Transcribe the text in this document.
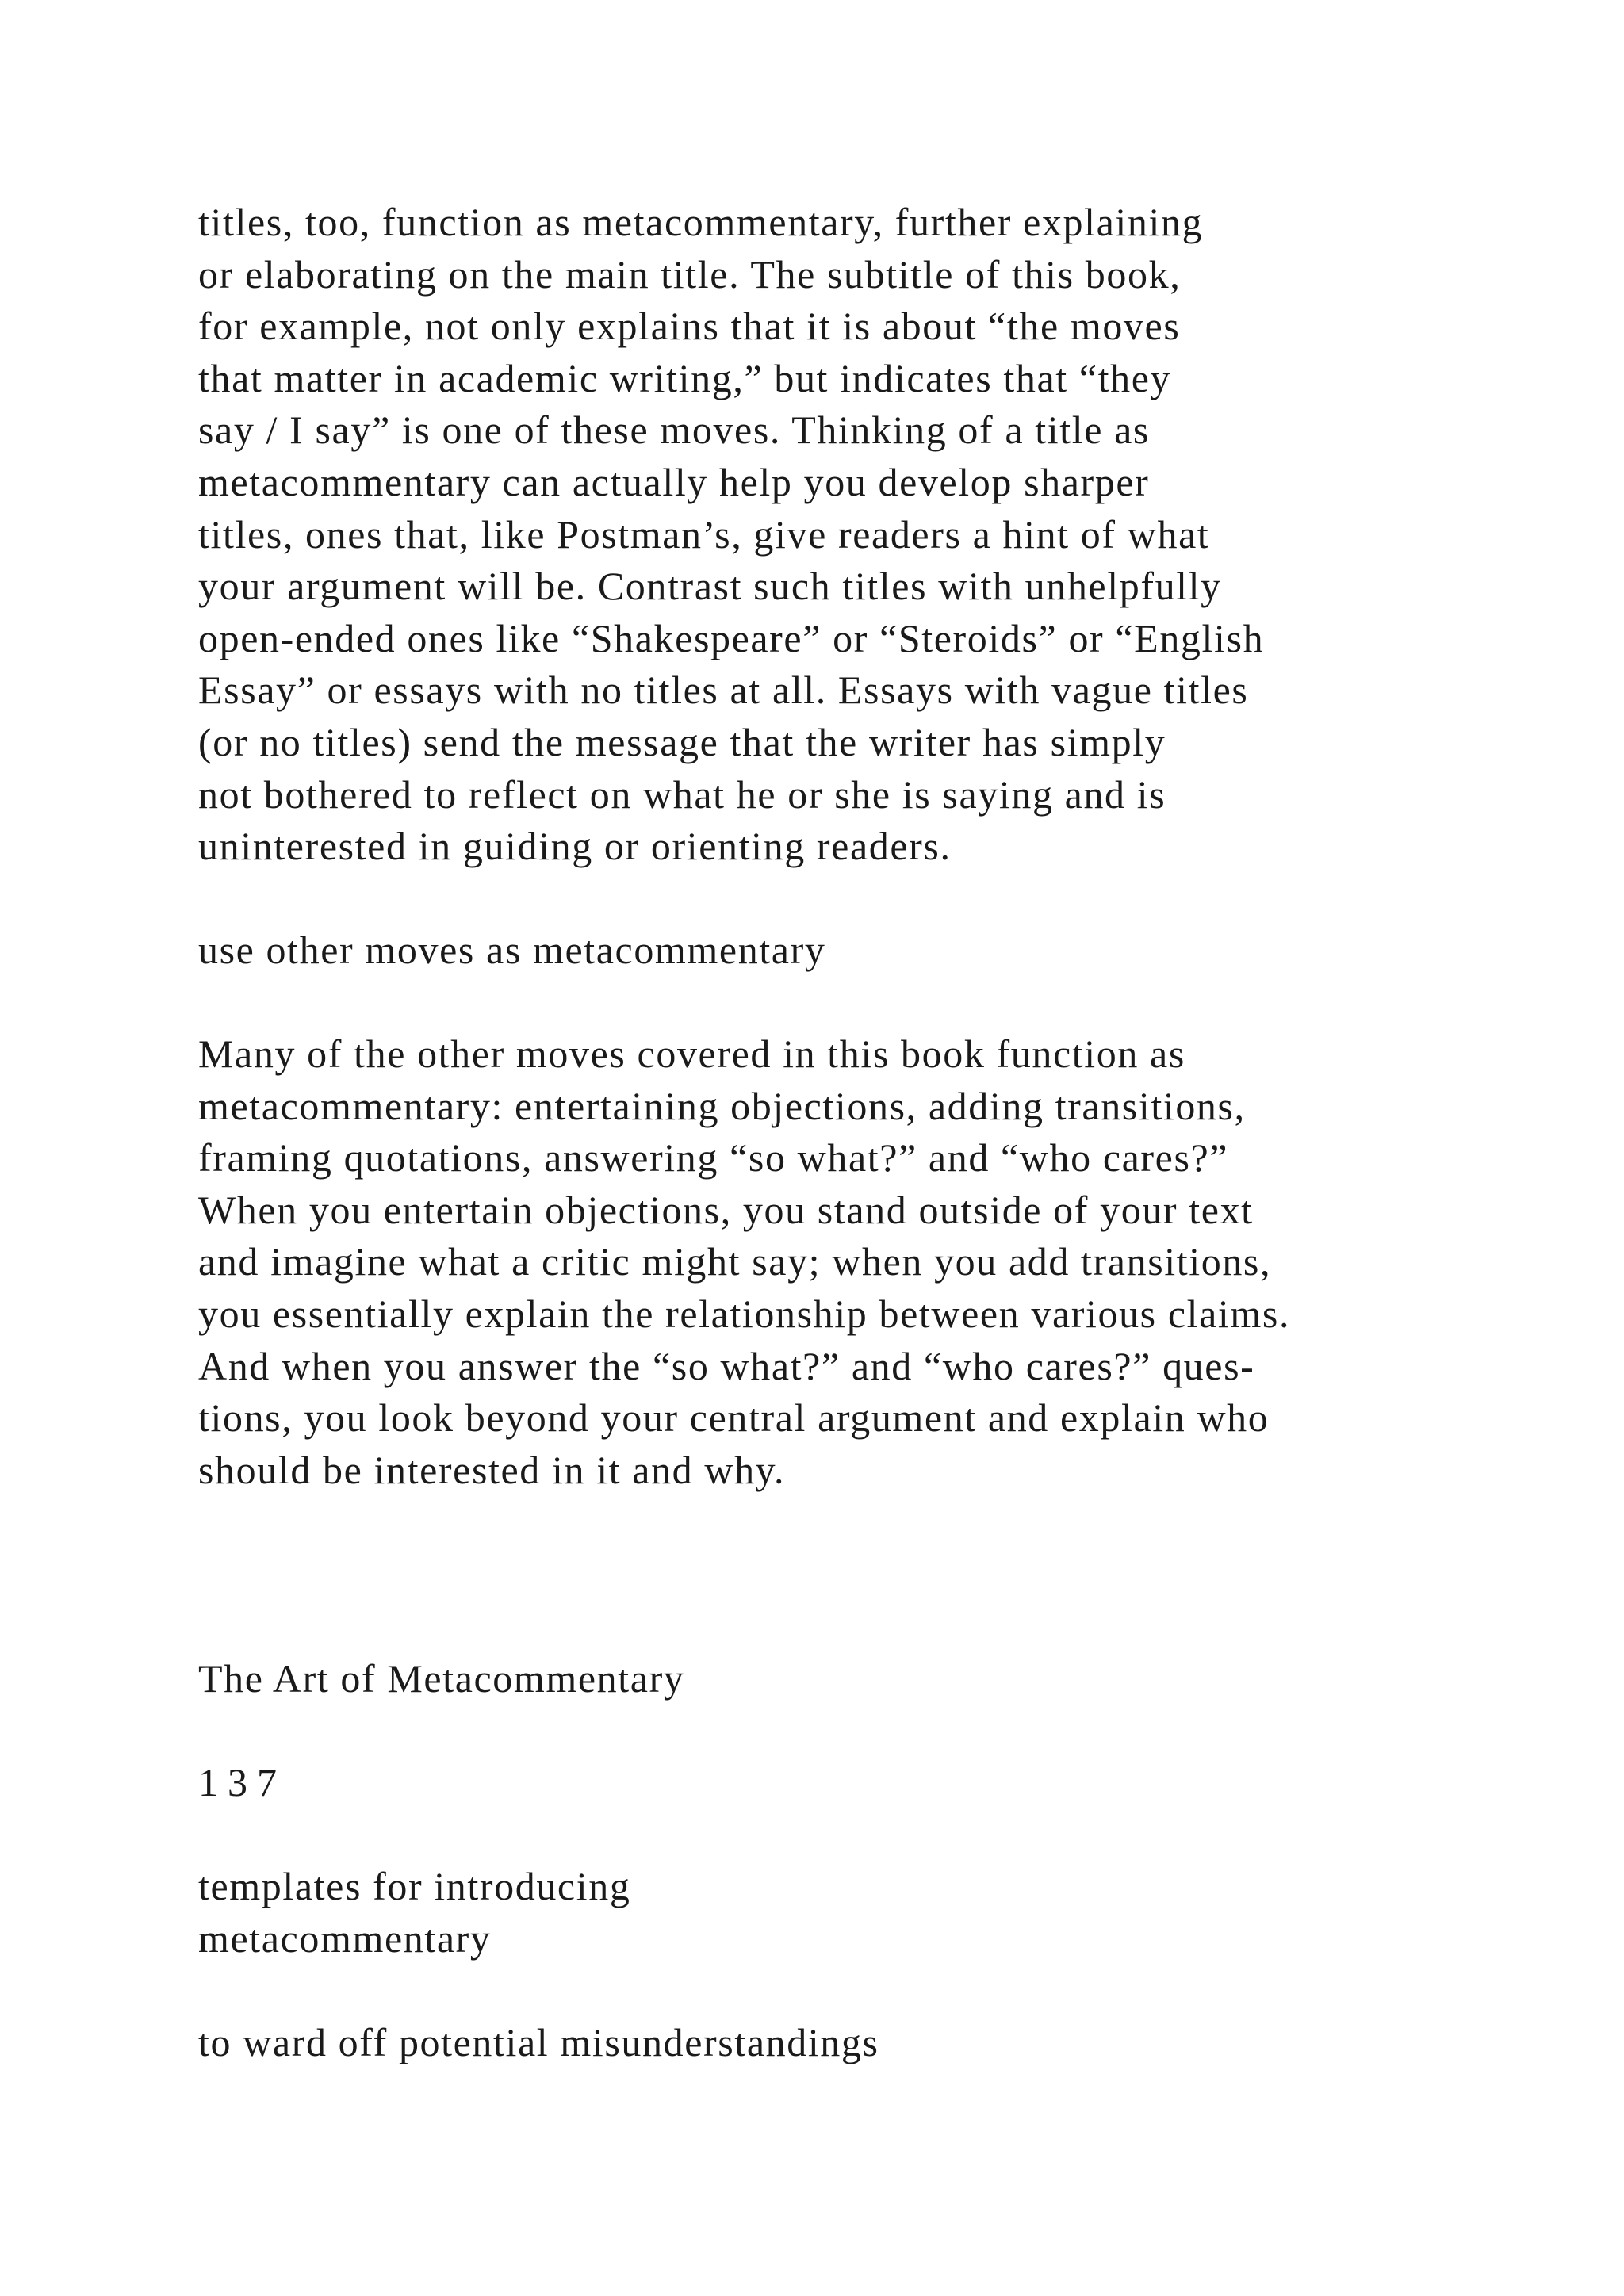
titles, too, function as metacommentary, further explaining
or elaborating on the main title. The subtitle of this book,
for example, not only explains that it is about “the moves
that matter in academic writing,” but indicates that “they
say / I say” is one of these moves. Thinking of a title as
metacommentary can actually help you develop sharper
titles, ones that, like Postman’s, give readers a hint of what
your argument will be. Contrast such titles with unhelpfully
open-ended ones like “Shakespeare” or “Steroids” or “English
Essay” or essays with no titles at all. Essays with vague titles
(or no titles) send the message that the writer has simply
not bothered to reflect on what he or she is saying and is
uninterested in guiding or orienting readers.

use other moves as metacommentary

Many of the other moves covered in this book function as
metacommentary: entertaining objections, adding transitions,
framing quotations, answering “so what?” and “who cares?”
When you entertain objections, you stand outside of your text
and imagine what a critic might say; when you add transitions,
you essentially explain the relationship between various claims.
And when you answer the “so what?” and “who cares?” ques-
tions, you look beyond your central argument and explain who
should be interested in it and why.

The Art of Metacommentary

137

templates for introducing
metacommentary

to ward off potential misunderstandings
